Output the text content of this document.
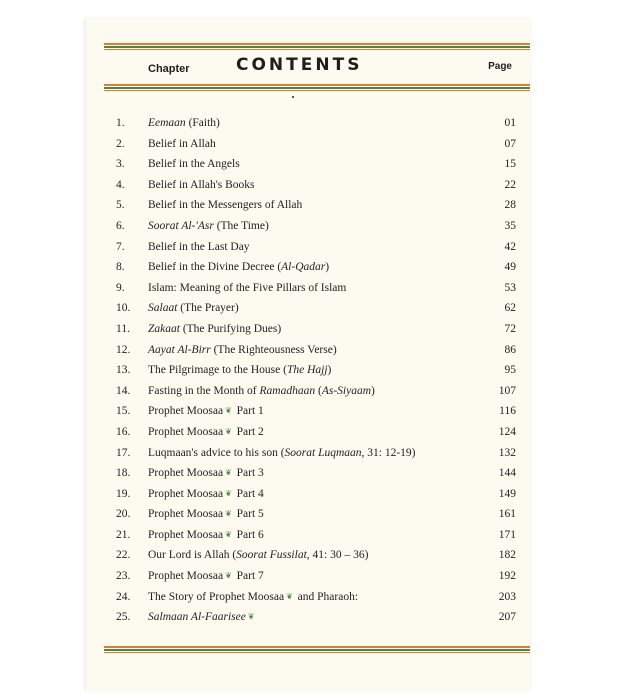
Chapter	CONTENTS	Page
1. Eemaan (Faith)	01
2. Belief in Allah	07
3. Belief in the Angels	15
4. Belief in Allah's Books	22
5. Belief in the Messengers of Allah	28
6. Soorat Al-'Asr (The Time)	35
7. Belief in the Last Day	42
8. Belief in the Divine Decree (Al-Qadar)	49
9. Islam: Meaning of the Five Pillars of Islam	53
10. Salaat (The Prayer)	62
11. Zakaat (The Purifying Dues)	72
12. Aayat Al-Birr (The Righteousness Verse)	86
13. The Pilgrimage to the House (The Hajj)	95
14. Fasting in the Month of Ramadhaan (As-Siyaam)	107
15. Prophet Moosaa ❦ Part 1	116
16. Prophet Moosaa ❦ Part 2	124
17. Luqmaan's advice to his son (Soorat Luqmaan, 31: 12-19)	132
18. Prophet Moosaa ❦ Part 3	144
19. Prophet Moosaa ❦ Part 4	149
20. Prophet Moosaa ❦ Part 5	161
21. Prophet Moosaa ❦ Part 6	171
22. Our Lord is Allah (Soorat Fussilat, 41: 30 – 36)	182
23. Prophet Moosaa ❦ Part 7	192
24. The Story of Prophet Moosaa ❦ and Pharaoh:	203
25. Salmaan Al-Faarisee ❦	207
